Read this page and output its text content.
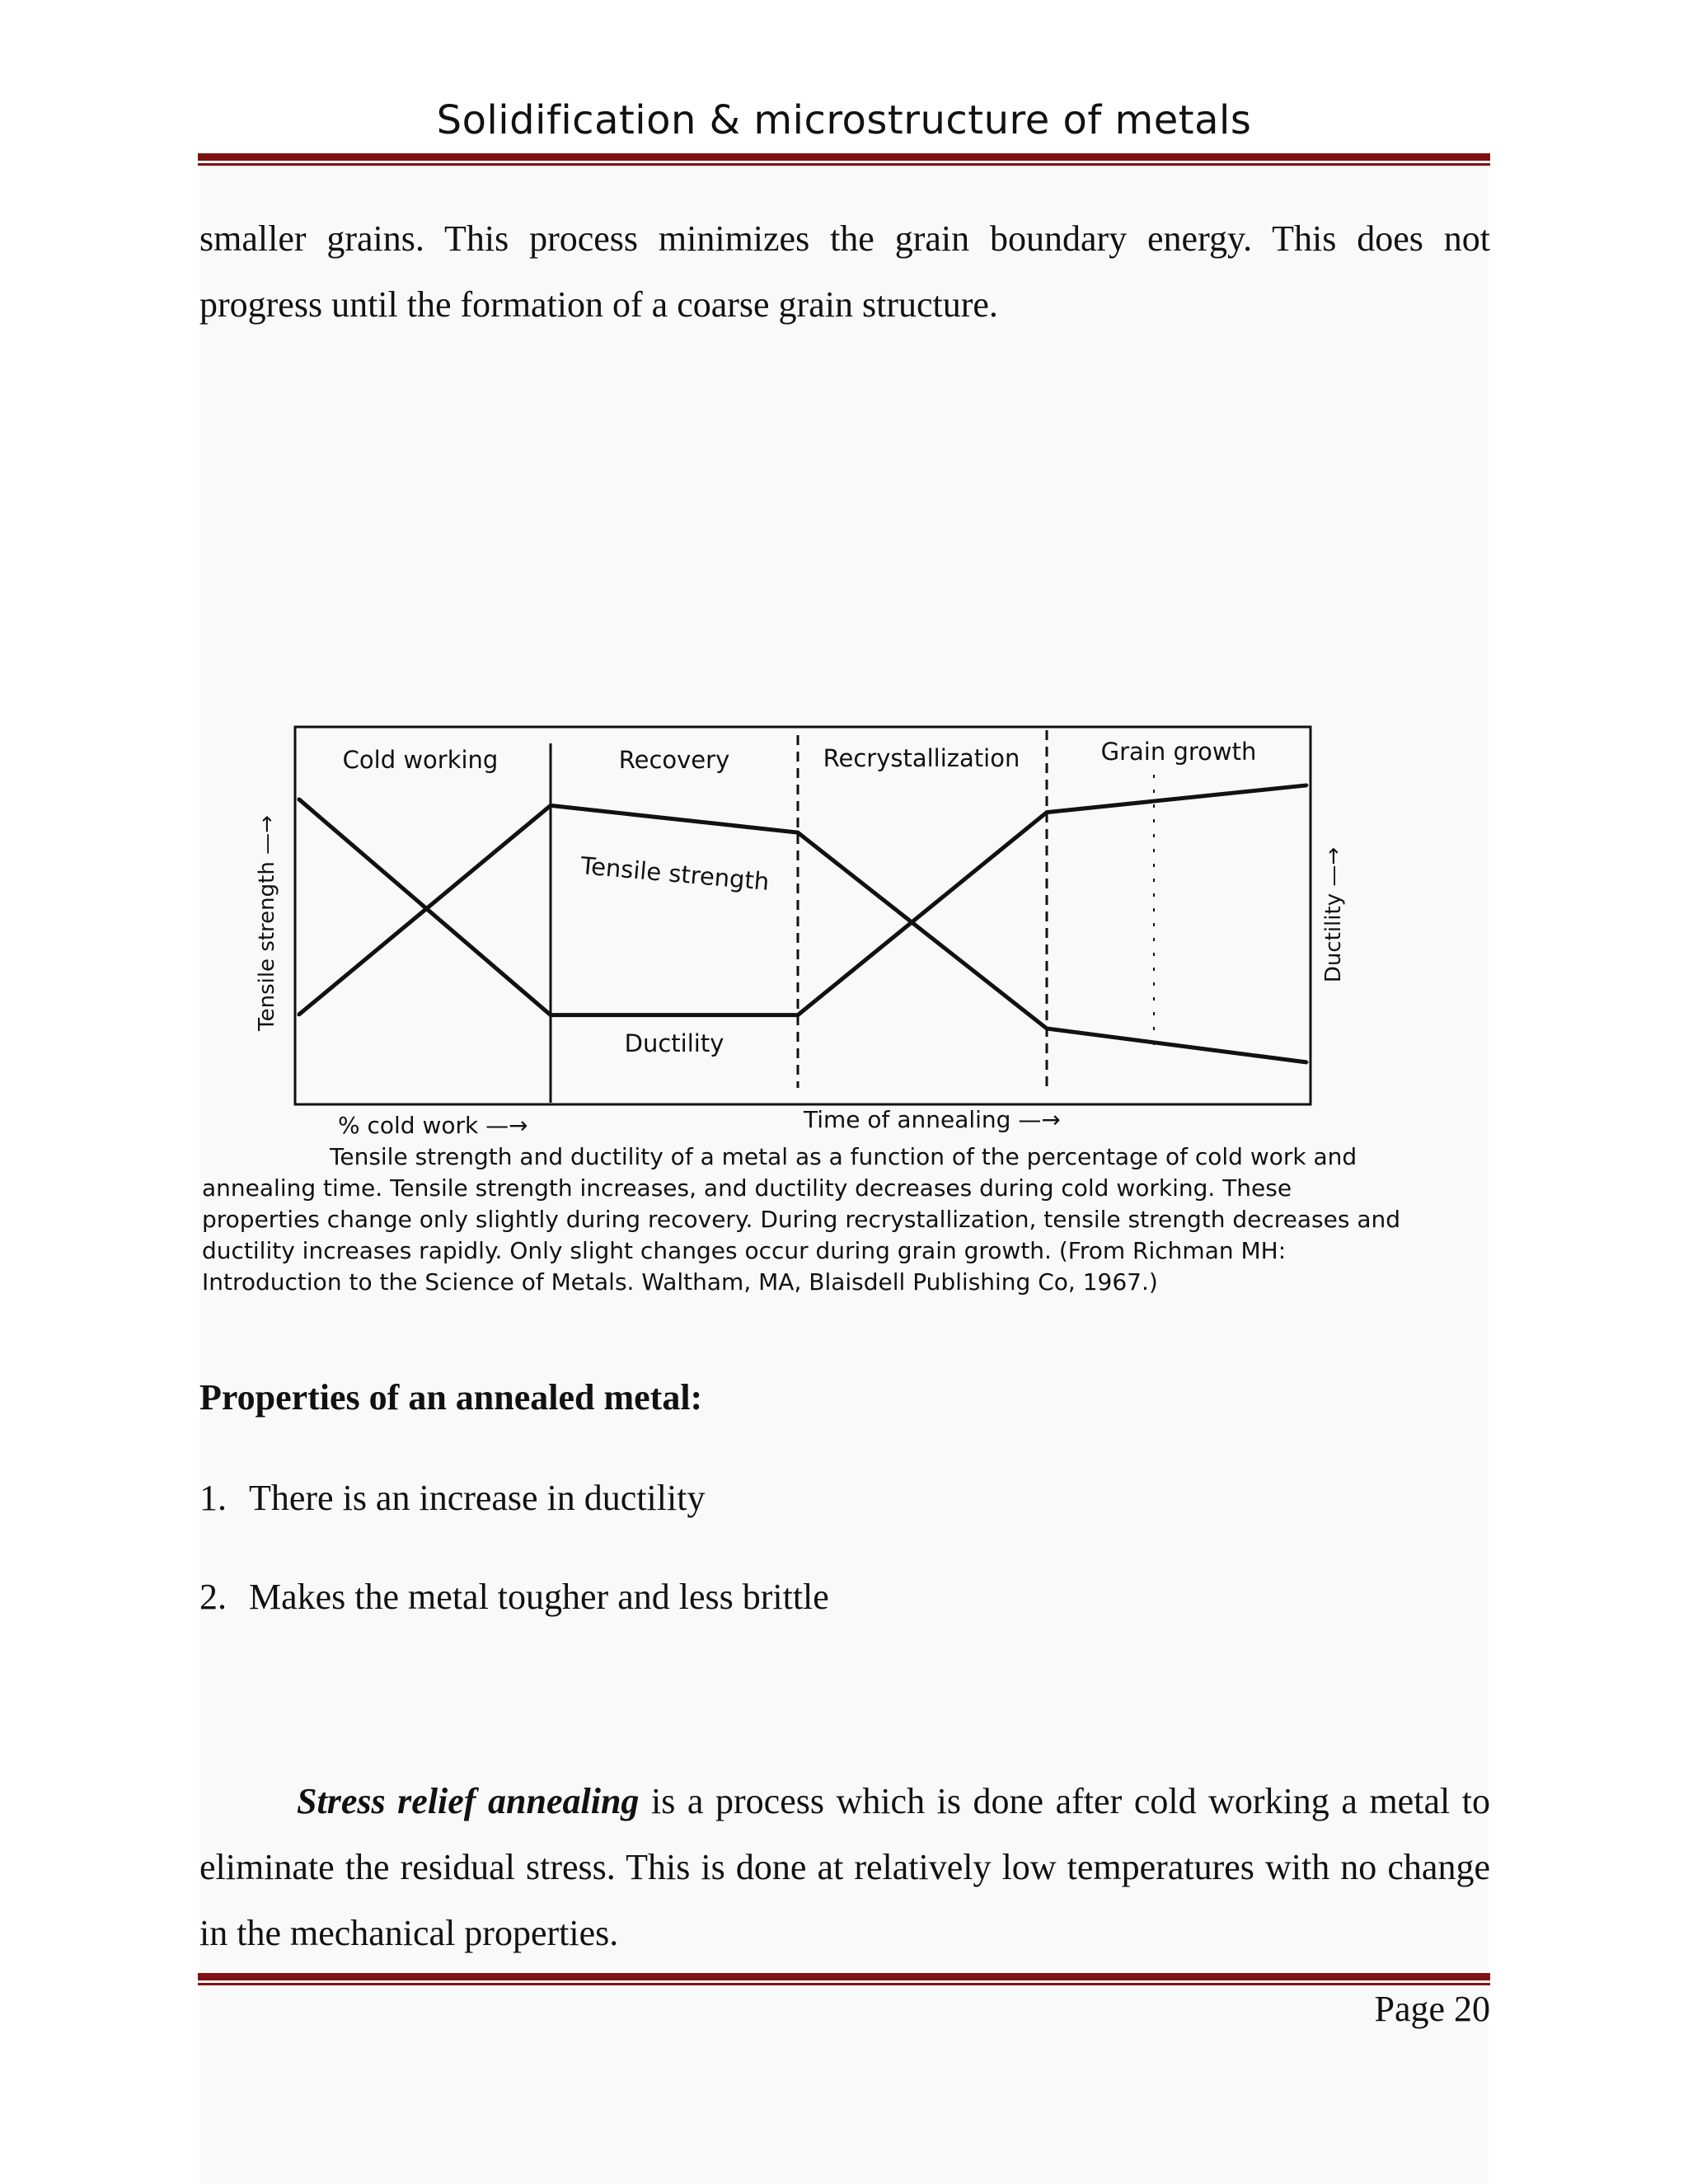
Solidification & microstructure of metals
smaller grains. This process minimizes the grain boundary energy. This does not progress until the formation of a coarse grain structure.
Cold working	Recovery	Recrystallization	Grain growth
Tensile strength
Ductility
Tensile strength —→	Ductility —→
% cold work —→	Time of annealing —→
Tensile strength and ductility of a metal as a function of the percentage of cold work and
annealing time. Tensile strength increases, and ductility decreases during cold working. These properties change only slightly during recovery. During recrystallization, tensile strength decreases and ductility increases rapidly. Only slight changes occur during grain growth. (From Richman MH: Introduction to the Science of Metals. Waltham, MA, Blaisdell Publishing Co, 1967.)
Properties of an annealed metal:
1. There is an increase in ductility
2. Makes the metal tougher and less brittle
Stress relief annealing is a process which is done after cold working a metal to eliminate the residual stress. This is done at relatively low temperatures with no change in the mechanical properties.
Page 20
